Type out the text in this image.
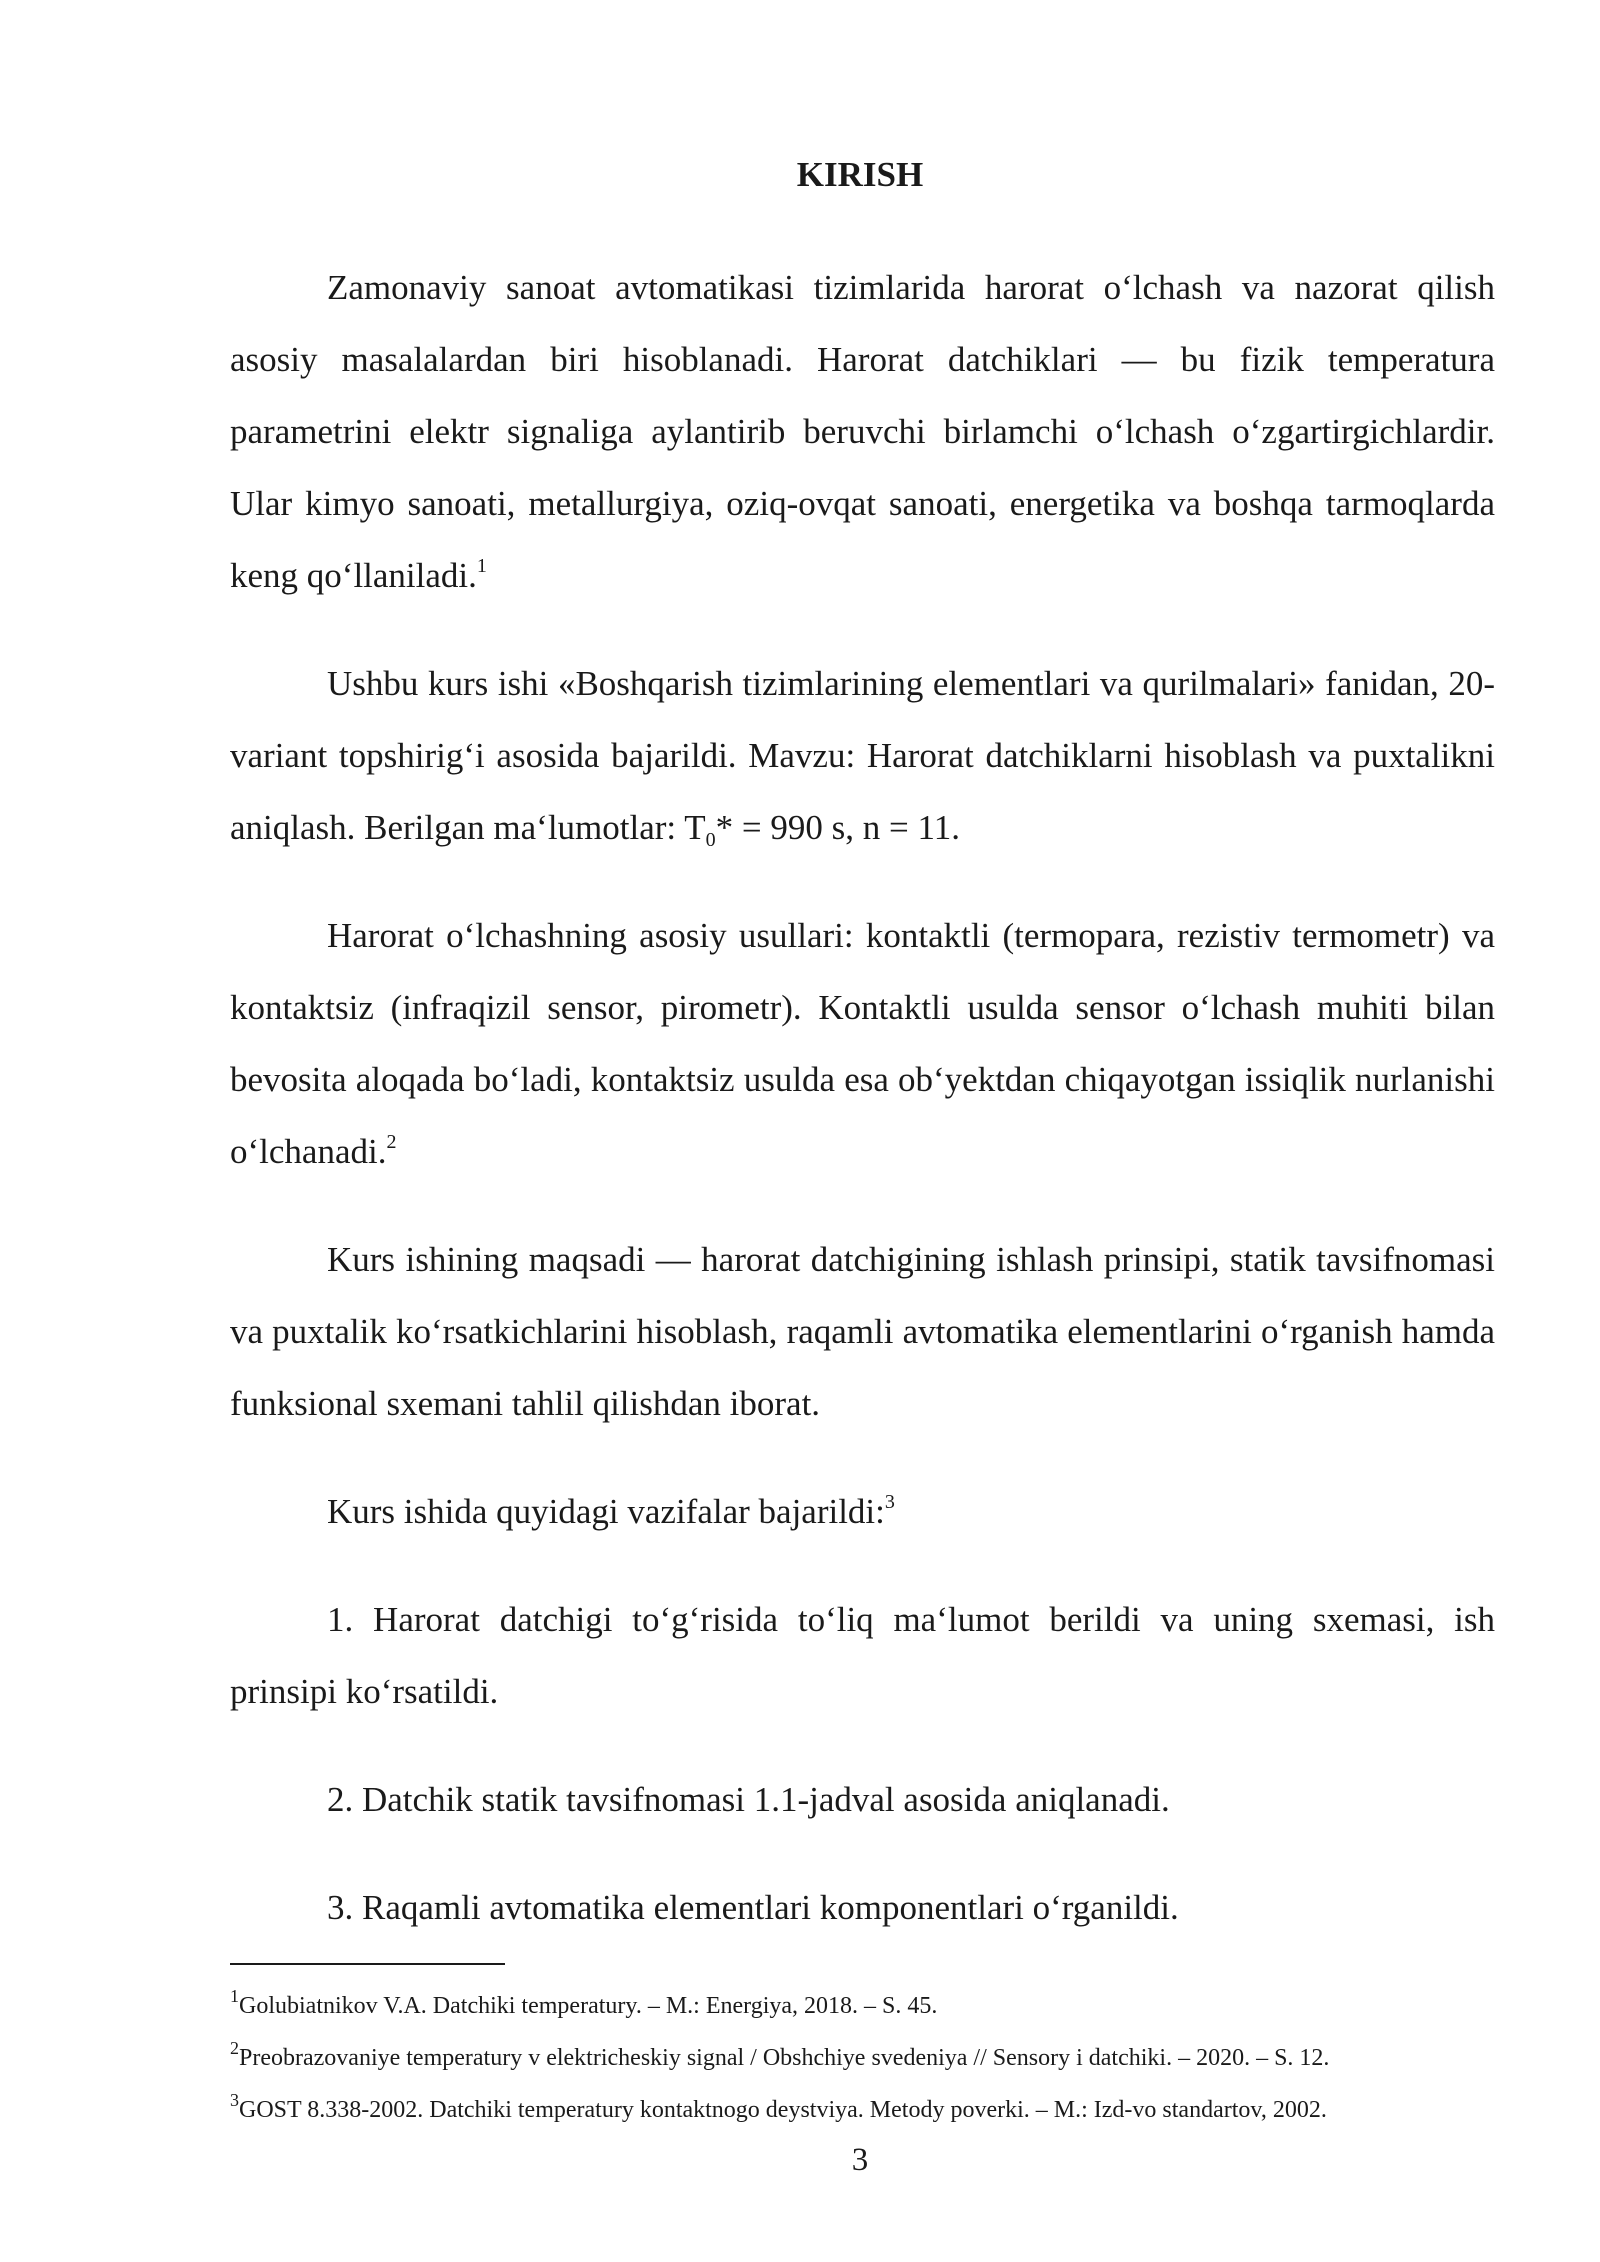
KIRISH

Zamonaviy sanoat avtomatikasi tizimlarida harorat o‘lchash va nazorat qilish asosiy masalalardan biri hisoblanadi. Harorat datchiklari — bu fizik temperatura parametrini elektr signaliga aylantirib beruvchi birlamchi o‘lchash o‘zgartirgichlardir. Ular kimyo sanoati, metallurgiya, oziq-ovqat sanoati, energetika va boshqa tarmoqlarda keng qo‘llaniladi.$^1$

Ushbu kurs ishi «Boshqarish tizimlarining elementlari va qurilmalari» fanidan, 20-variant topshirig‘i asosida bajarildi. Mavzu: Harorat datchiklarni hisoblash va puxtalikni aniqlash. Berilgan ma‘lumotlar: $T_0* = 990$ s, n = 11.

Harorat o‘lchashning asosiy usullari: kontaktli (termopara, rezistiv termometr) va kontaktsiz (infraqizil sensor, pirometr). Kontaktli usulda sensor o‘lchash muhiti bilan bevosita aloqada bo‘ladi, kontaktsiz usulda esa ob‘yektdan chiqayotgan issiqlik nurlanishi o‘lchanadi.$^2$

Kurs ishining maqsadi — harorat datchigining ishlash prinsipi, statik tavsifnomasi va puxtalik ko‘rsatkichlarini hisoblash, raqamli avtomatika elementlarini o‘rganish hamda funksional sxemani tahlil qilishdan iborat.

Kurs ishida quyidagi vazifalar bajarildi:$^3$

1. Harorat datchigi to‘g‘risida to‘liq ma‘lumot berildi va uning sxemasi, ish prinsipi ko‘rsatildi.

2. Datchik statik tavsifnomasi 1.1-jadval asosida aniqlanadi.

3. Raqamli avtomatika elementlari komponentlari o‘rganildi.

$^1$Golubiatnikov V.A. Datchiki temperatury. – M.: Energiya, 2018. – S. 45.

$^2$Preobrazovaniye temperatury v elektricheskiy signal / Obshchiye svedeniya // Sensory i datchiki. – 2020. – S. 12.

$^3$GOST 8.338-2002. Datchiki temperatury kontaktnogo deystviya. Metody poverki. – M.: Izd-vo standartov, 2002.

3
